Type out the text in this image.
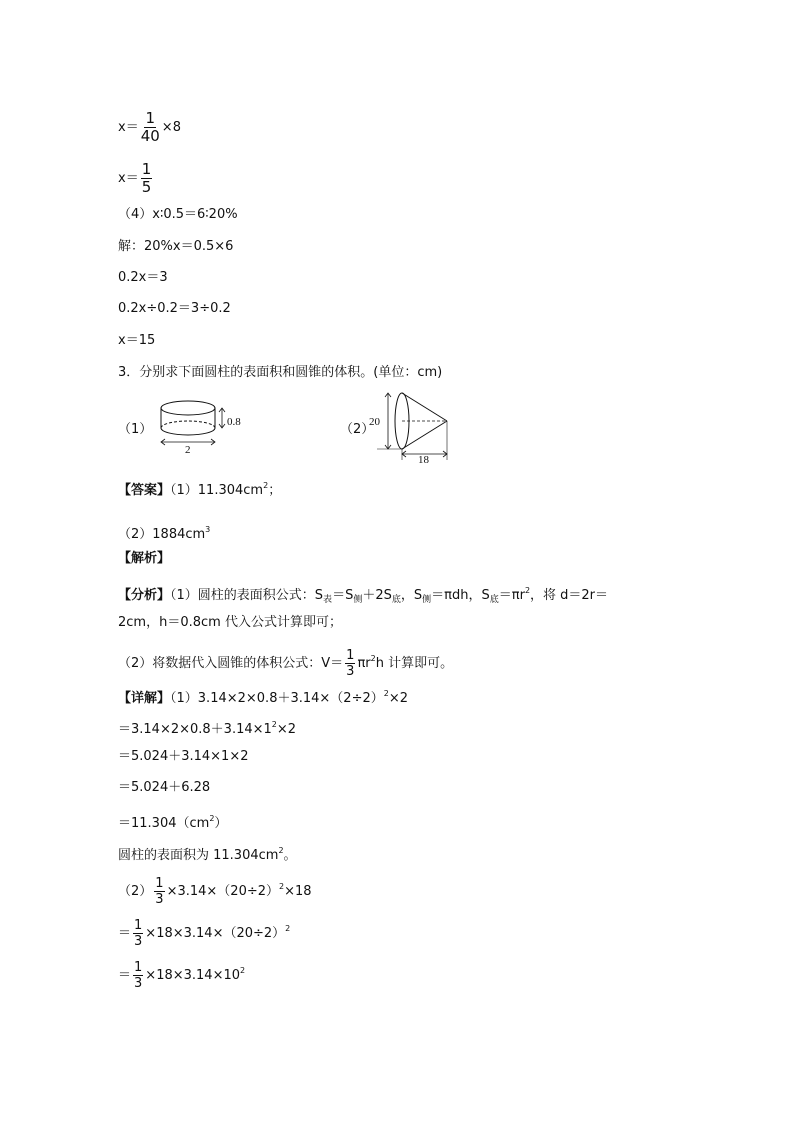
$x= \frac{1}{40} \times 8$
$x= \frac{1}{5}$
（4）x∶0.5＝6∶20%
解：20%x＝0.5×6
0.2x＝3
0.2x÷0.2＝3÷0.2
x＝15
3．分别求下面圆柱的表面积和圆锥的体积。(单位：cm)
（1）	0.8
2
（2）
20
18
【答案】$(1)11.304cm^2$；
$(2)1884cm^3$
【解析】
【分析】（1）圆柱的表面积公式：$S_表=S_侧+2S_底$，$S_侧=\pi dh$，$S_底=\pi r^2$，将 d＝2r＝
2cm，h＝0.8cm 代入公式计算即可；
（2）将数据代入圆锥的体积公式：$V= \frac{1}{3} \pi r^2h$ 计算即可。
【详解】$(1)3.14\times 2\times 0.8+3.14\times(2\div 2)^2\times 2$
$=3.14\times 2\times 0.8+3.14\times 1^2\times 2$
＝5.024＋3.14×1×2
＝5.024＋6.28
$=11.304(cm^2)$
圆柱的表面积为 $11.304cm^2$。
$(2) \frac{1}{3} \times 3.14\times(20\div 2)^2\times 18$
＝ $\frac{1}{3} \times 18\times 3.14\times(20\div 2)^2$
＝ $\frac{1}{3} \times 18\times 3.14\times 10^2$
